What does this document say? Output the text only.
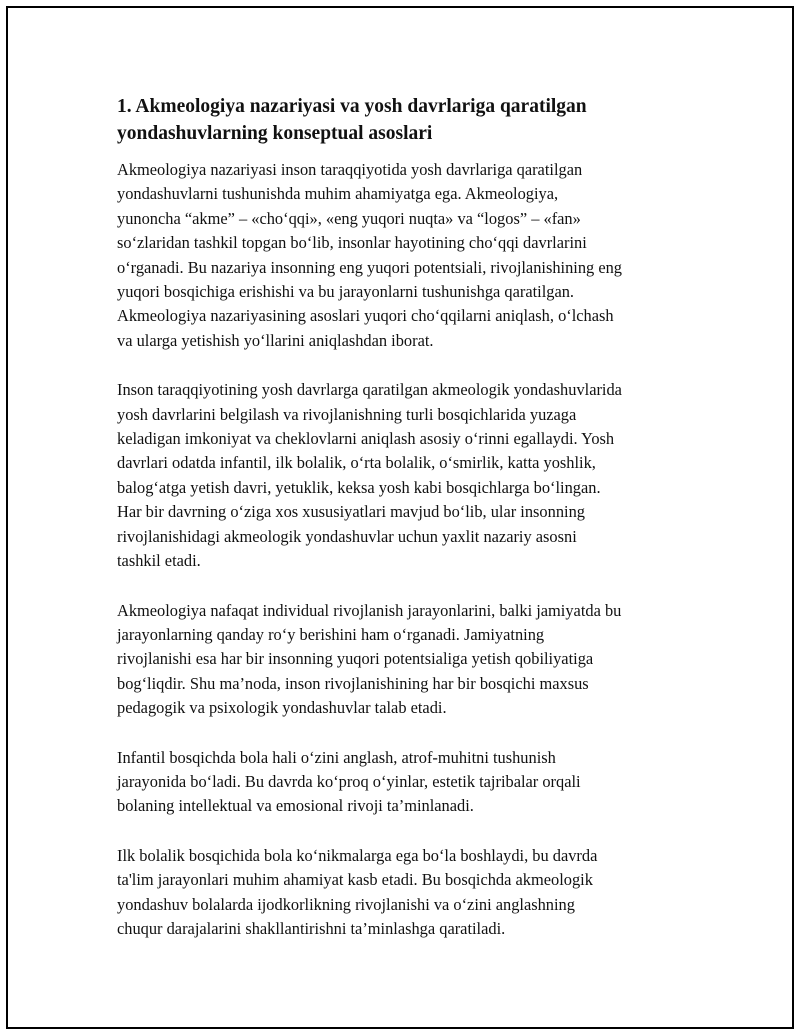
1. Akmeologiya nazariyasi va yosh davrlariga qaratilgan
yondashuvlarning konseptual asoslari

Akmeologiya nazariyasi inson taraqqiyotida yosh davrlariga qaratilgan
yondashuvlarni tushunishda muhim ahamiyatga ega. Akmeologiya,
yunoncha “akme” – «cho‘qqi», «eng yuqori nuqta» va “logos” – «fan»
so‘zlaridan tashkil topgan bo‘lib, insonlar hayotining cho‘qqi davrlarini
o‘rganadi. Bu nazariya insonning eng yuqori potentsiali, rivojlanishining eng
yuqori bosqichiga erishishi va bu jarayonlarni tushunishga qaratilgan.
Akmeologiya nazariyasining asoslari yuqori cho‘qqilarni aniqlash, o‘lchash
va ularga yetishish yo‘llarini aniqlashdan iborat.

Inson taraqqiyotining yosh davrlarga qaratilgan akmeologik yondashuvlarida
yosh davrlarini belgilash va rivojlanishning turli bosqichlarida yuzaga
keladigan imkoniyat va cheklovlarni aniqlash asosiy o‘rinni egallaydi. Yosh
davrlari odatda infantil, ilk bolalik, o‘rta bolalik, o‘smirlik, katta yoshlik,
balog‘atga yetish davri, yetuklik, keksa yosh kabi bosqichlarga bo‘lingan.
Har bir davrning o‘ziga xos xususiyatlari mavjud bo‘lib, ular insonning
rivojlanishidagi akmeologik yondashuvlar uchun yaxlit nazariy asosni
tashkil etadi.

Akmeologiya nafaqat individual rivojlanish jarayonlarini, balki jamiyatda bu
jarayonlarning qanday ro‘y berishini ham o‘rganadi. Jamiyatning
rivojlanishi esa har bir insonning yuqori potentsialiga yetish qobiliyatiga
bog‘liqdir. Shu ma’noda, inson rivojlanishining har bir bosqichi maxsus
pedagogik va psixologik yondashuvlar talab etadi.

Infantil bosqichda bola hali o‘zini anglash, atrof-muhitni tushunish
jarayonida bo‘ladi. Bu davrda ko‘proq o‘yinlar, estetik tajribalar orqali
bolaning intellektual va emosional rivoji ta’minlanadi.

Ilk bolalik bosqichida bola ko‘nikmalarga ega bo‘la boshlaydi, bu davrda
ta'lim jarayonlari muhim ahamiyat kasb etadi. Bu bosqichda akmeologik
yondashuv bolalarda ijodkorlikning rivojlanishi va o‘zini anglashning
chuqur darajalarini shakllantirishni ta’minlashga qaratiladi.
